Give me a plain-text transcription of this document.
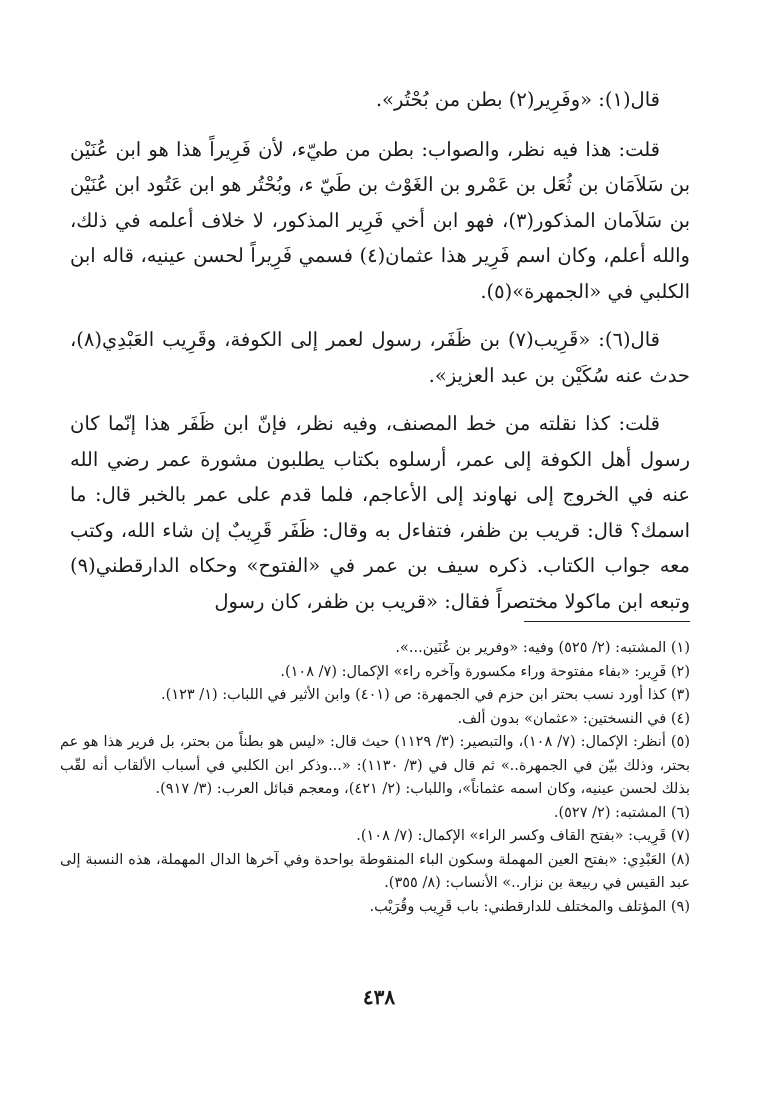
قال(١): «وفَرِير(٢) بطن من بُحْتُر».

قلت: هذا فيه نظر، والصواب: بطن من طيّء، لأن فَرِيراً هذا هو ابن عُنَيْن بن سَلاَمَان بن ثُعَل بن عَمْرو بن الغَوْث بن طَيّ ء، وبُحْتُر هو ابن عَتُود ابن عُنَيْن بن سَلاَمان المذكور(٣)، فهو ابن أخي فَرِير المذكور، لا خلاف أعلمه في ذلك، والله أعلم، وكان اسم فَرِير هذا عثمان(٤) فسمي فَرِيراً لحسن عينيه، قاله ابن الكلبي في «الجمهرة»(٥).

قال(٦): «قَرِيب(٧) بن ظَفَر، رسول لعمر إلى الكوفة، وقَرِيب العَبْدِي(٨)، حدث عنه سُكَيْن بن عبد العزيز».

قلت: كذا نقلته من خط المصنف، وفيه نظر، فإنّ ابن ظَفَر هذا إنّما كان رسول أهل الكوفة إلى عمر، أرسلوه بكتاب يطلبون مشورة عمر رضي الله عنه في الخروج إلى نهاوند إلى الأعاجم، فلما قدم على عمر بالخبر قال: ما اسمك؟ قال: قريب بن ظفر، فتفاءل به وقال: ظَفَر قَرِيبٌ إن شاء الله، وكتب معه جواب الكتاب. ذكره سيف بن عمر في «الفتوح» وحكاه الدارقطني(٩) وتبعه ابن ماكولا مختصراً فقال: «قريب بن ظفر، كان رسول

(١) المشتبه: (٢/ ٥٢٥) وفيه: «وفرير بن عُنَين...».

(٢) فَرِير: «بفاء مفتوحة وراء مكسورة وآخره راء» الإكمال: (٧/ ١٠٨).

(٣) كذا أورد نسب بحتر ابن حزم في الجمهرة: ص (٤٠١) وابن الأثير في اللباب: (١/ ١٢٣).

(٤) في النسختين: «عثمان» بدون ألف.

(٥) أنظر: الإكمال: (٧/ ١٠٨)، والتبصير: (٣/ ١١٢٩) حيث قال: «ليس هو بطناً من بحتر، بل فرير هذا هو عم بحتر، وذلك بيّن في الجمهرة..» ثم قال في (٣/ ١١٣٠): «...وذكر ابن الكلبي في أسباب الألقاب أنه لقّب بذلك لحسن عينيه، وكان اسمه عثماناً»، واللباب: (٢/ ٤٢١)، ومعجم قبائل العرب: (٣/ ٩١٧).

(٦) المشتبه: (٢/ ٥٢٧).

(٧) قَرِيب: «بفتح القاف وكسر الراء» الإكمال: (٧/ ١٠٨).

(٨) العَبْدِي: «بفتح العين المهملة وسكون الباء المنقوطة بواحدة وفي آخرها الدال المهملة، هذه النسبة إلى عبد القيس في ربيعة بن نزار..» الأنساب: (٨/ ٣٥٥).

(٩) المؤتلف والمختلف للدارقطني: باب قَرِيب وقُرَيْب.

٤٣٨
